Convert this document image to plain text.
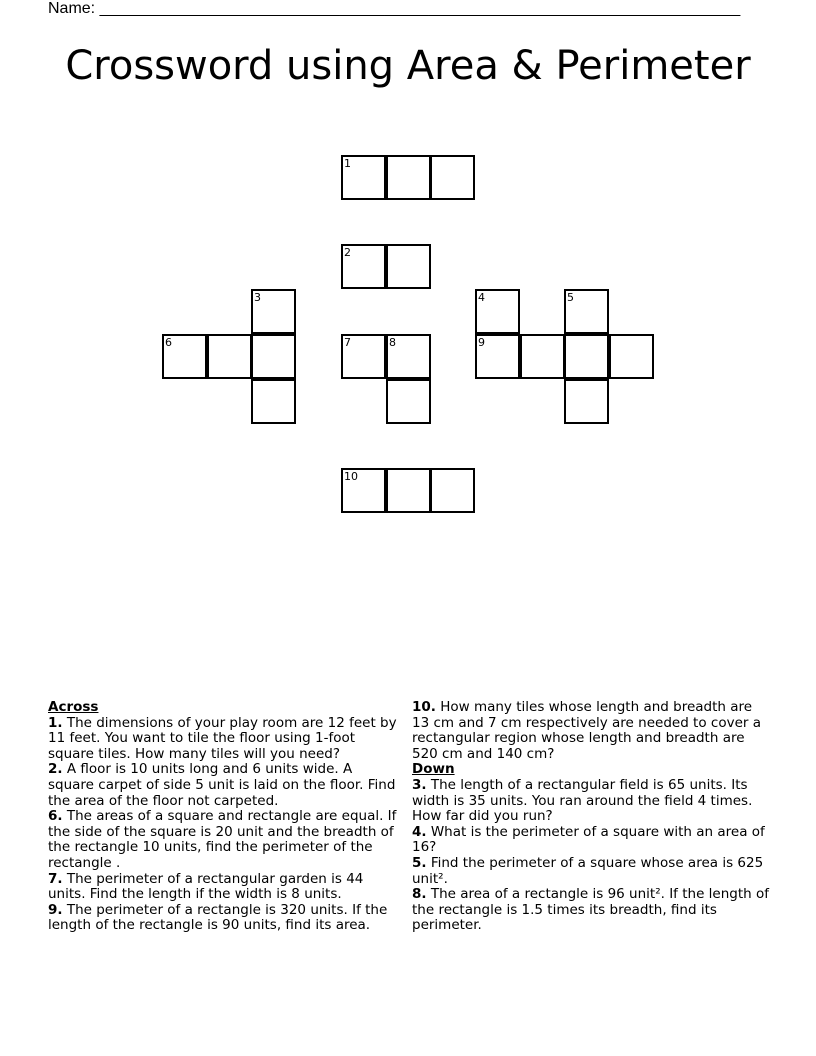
Name: ________________________________________________________________________
Crossword using Area & Perimeter
1
2
3	4	5
6	7	8	9
10
Across
1. The dimensions of your play room are 12 feet by 11 feet. You want to tile the floor using 1-foot square tiles. How many tiles will you need?
2. A floor is 10 units long and 6 units wide. A square carpet of side 5 unit is laid on the floor. Find the area of the floor not carpeted.
6. The areas of a square and rectangle are equal. If the side of the square is 20 unit and the breadth of the rectangle 10 units, find the perimeter of the rectangle .
7. The perimeter of a rectangular garden is 44 units. Find the length if the width is 8 units.
9. The perimeter of a rectangle is 320 units. If the length of the rectangle is 90 units, find its area.
10. How many tiles whose length and breadth are 13 cm and 7 cm respectively are needed to cover a rectangular region whose length and breadth are 520 cm and 140 cm?
Down
3. The length of a rectangular field is 65 units. Its width is 35 units. You ran around the field 4 times. How far did you run?
4. What is the perimeter of a square with an area of 16?
5. Find the perimeter of a square whose area is 625 unit².
8. The area of a rectangle is 96 unit². If the length of the rectangle is 1.5 times its breadth, find its perimeter.
